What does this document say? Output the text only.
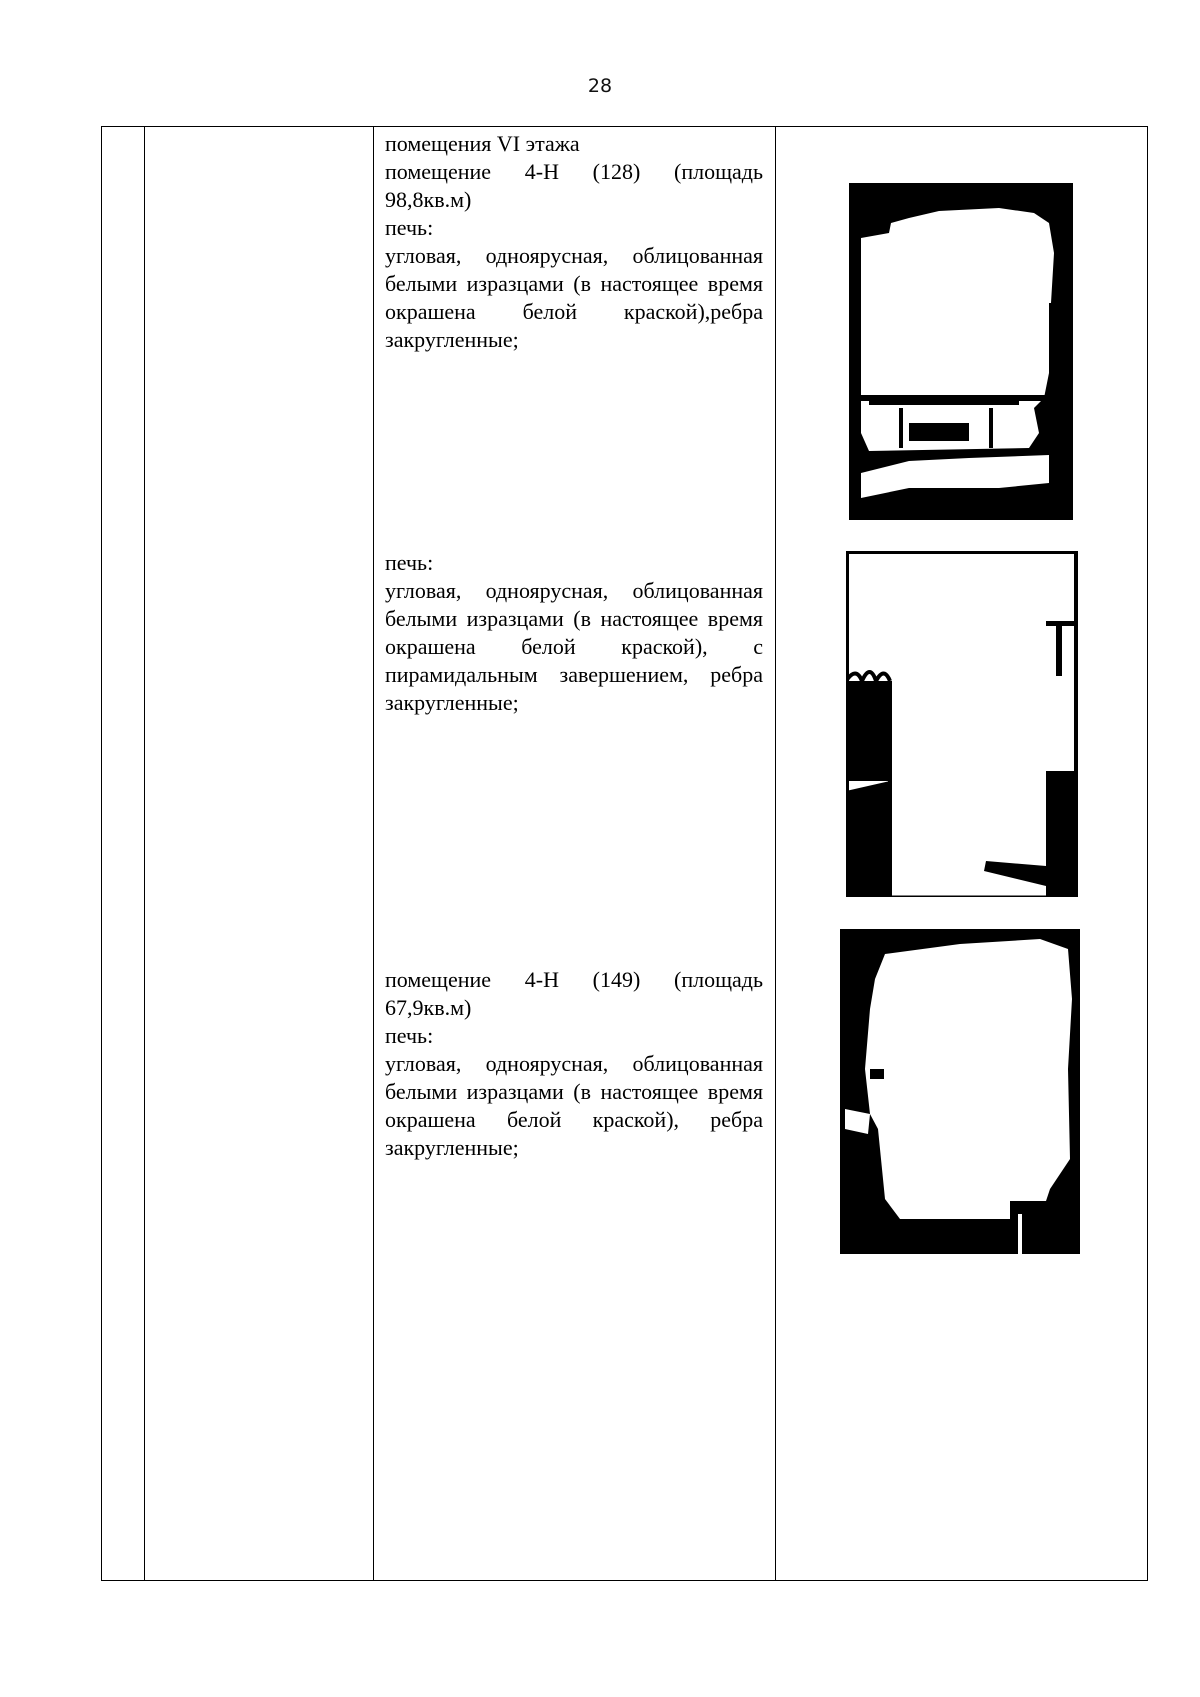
28

помещения VI этажа

помещение 4-Н (128) (площадь 98,8кв.м)

печь:

угловая, одноярусная, облицованная белыми изразцами (в настоящее время окрашена белой краской),ребра закругленные;

печь:

угловая, одноярусная, облицованная белыми изразцами (в настоящее время окрашена белой краской), с пирамидальным завершением, ребра закругленные;

помещение 4-Н (149) (площадь 67,9кв.м)

печь:

угловая, одноярусная, облицованная белыми изразцами (в настоящее время окрашена белой краской), ребра закругленные;
